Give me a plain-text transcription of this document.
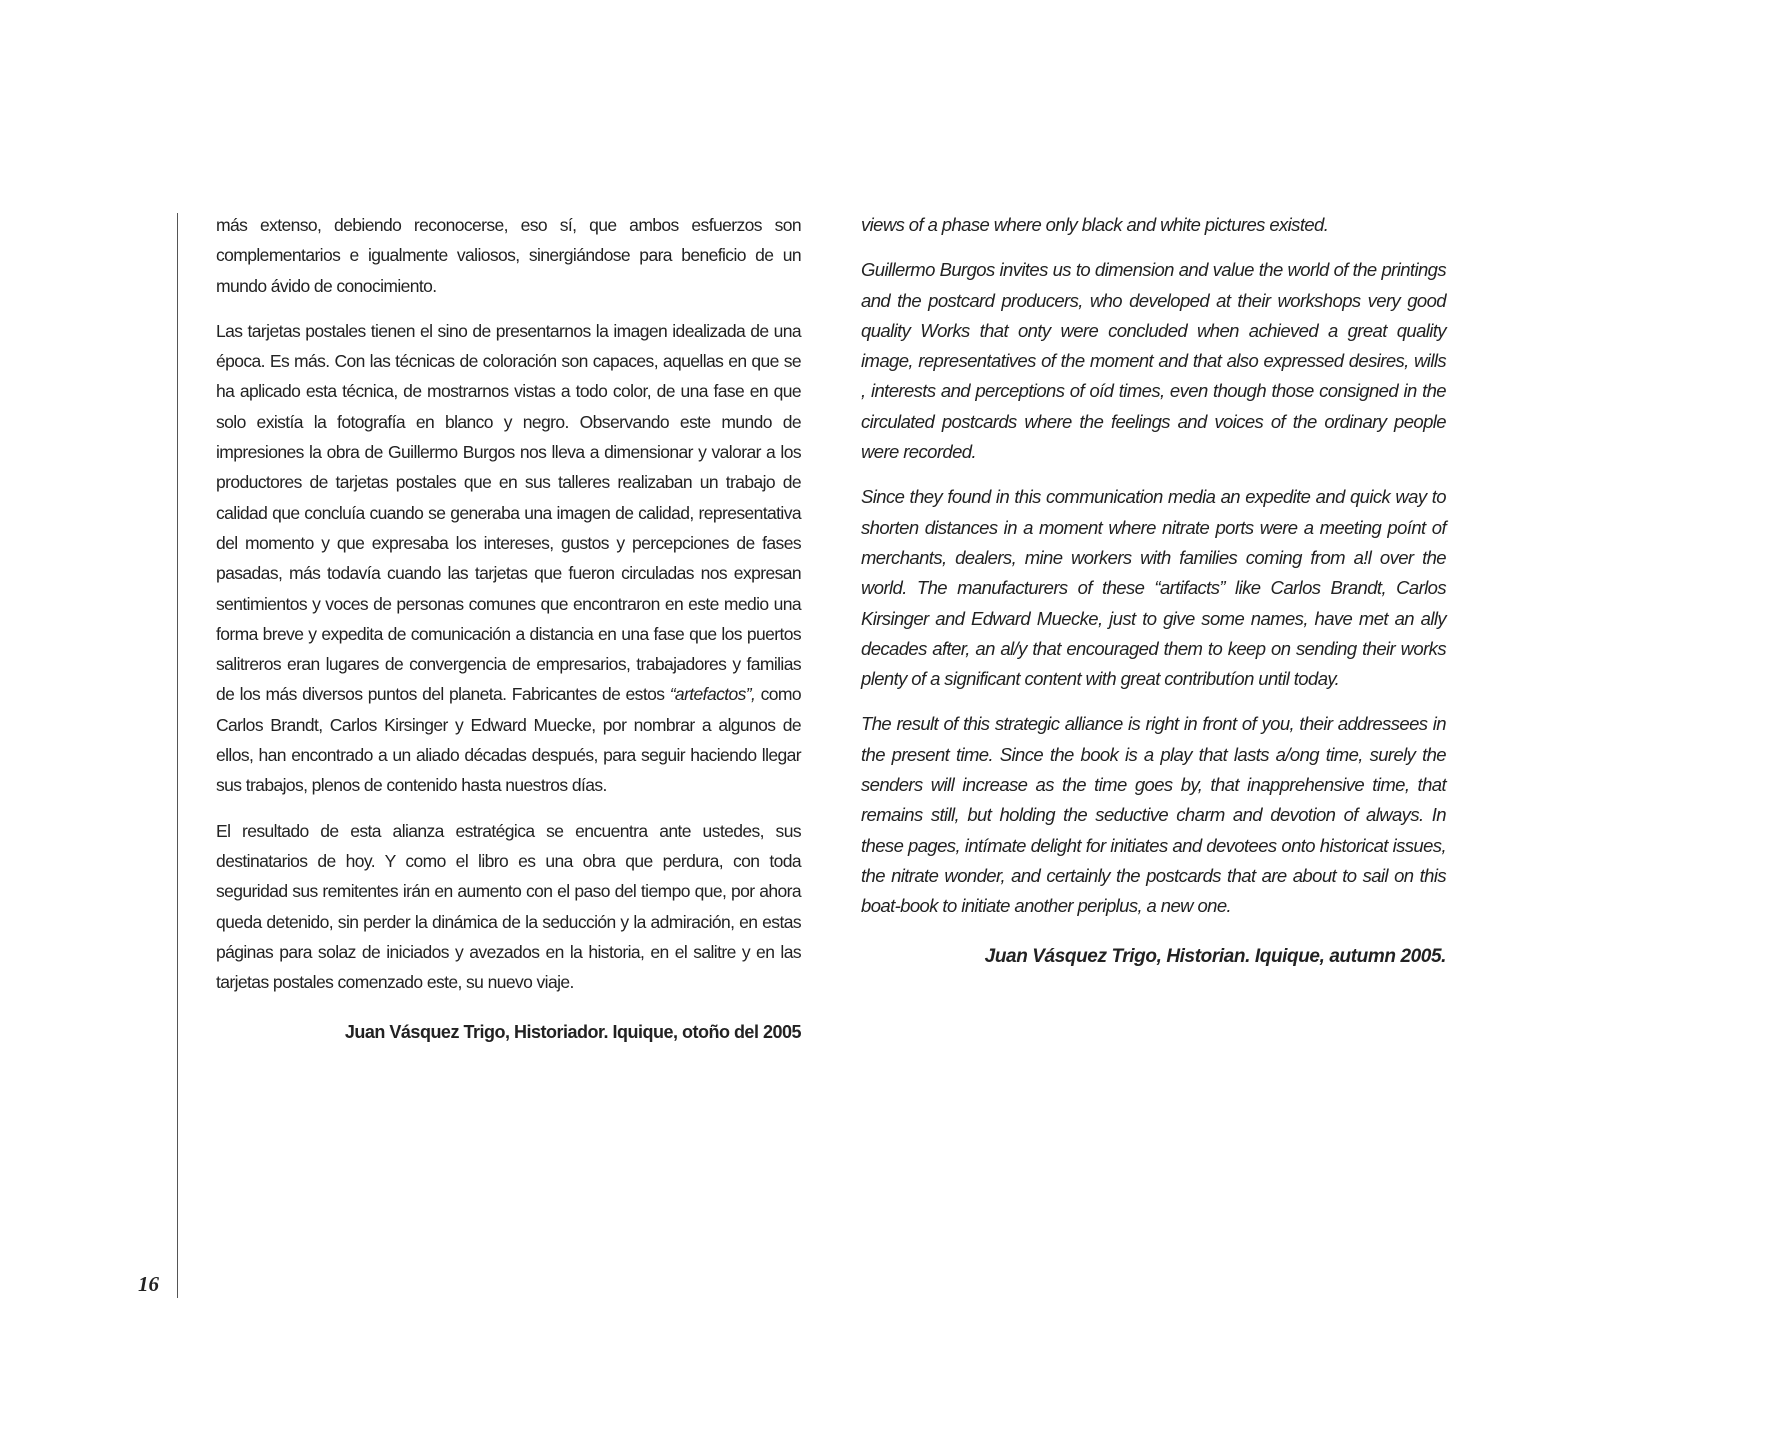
16

más extenso, debiendo reconocerse, eso sí, que ambos esfuerzos son complementarios e igualmente valiosos, sinergiándose para beneficio de un mundo ávido de conocimiento.

Las tarjetas postales tienen el sino de presentarnos la imagen idealizada de una época. Es más. Con las técnicas de coloración son capaces, aquellas en que se ha aplicado esta técnica, de mostrarnos vistas a todo color, de una fase en que solo existía la fotografía en blanco y negro. Observando este mundo de impresiones la obra de Guillermo Burgos nos lleva a dimensionar y valorar a los productores de tarjetas postales que en sus talleres realizaban un trabajo de calidad que concluía cuando se generaba una imagen de calidad, representativa del momento y que expresaba los intereses, gustos y percepciones de fases pasadas, más todavía cuando las tarjetas que fueron circuladas nos expresan sentimientos y voces de personas comunes que encontraron en este medio una forma breve y expedita de comunicación a distancia en una fase que los puertos salitreros eran lugares de convergencia de empresarios, trabajadores y familias de los más diversos puntos del planeta. Fabricantes de estos “artefactos”, como Carlos Brandt, Carlos Kirsinger y Edward Muecke, por nombrar a algunos de ellos, han encontrado a un aliado décadas después, para seguir haciendo llegar sus trabajos, plenos de contenido hasta nuestros días.

El resultado de esta alianza estratégica se encuentra ante ustedes, sus destinatarios de hoy. Y como el libro es una obra que perdura, con toda seguridad sus remitentes irán en aumento con el paso del tiempo que, por ahora queda detenido, sin perder la dinámica de la seducción y la admiración, en estas páginas para solaz de iniciados y avezados en la historia, en el salitre y en las tarjetas postales comenzado este, su nuevo viaje.

Juan Vásquez Trigo, Historiador. Iquique, otoño del 2005

views of a phase where only black and white pictures existed.

Guillermo Burgos invites us to dimension and value the world of the printings and the postcard producers, who developed at their workshops very good quality Works that onty were concluded when achieved a great quality image, representatives of the moment and that also expressed desires, wills , interests and perceptions of oíd times, even though those consigned in the circulated postcards where the feelings and voices of the ordinary people were recorded.

Since they found in this communication media an expedite and quick way to shorten distances in a moment where nitrate ports were a meeting poínt of merchants, dealers, mine workers with families coming from a!l over the world. The manufacturers of these “artifacts” like Carlos Brandt, Carlos Kirsinger and Edward Muecke, just to give some names, have met an ally decades after, an al/y that encouraged them to keep on sending their works plenty of a significant content with great contributíon until today.

The result of this strategic alliance is right in front of you, their addressees in the present time. Since the book is a play that lasts a/ong time, surely the senders will increase as the time goes by, that inapprehensive time, that remains still, but holding the seductive charm and devotion of always. In these pages, intímate delight for initiates and devotees onto historicat issues, the nitrate wonder, and certainly the postcards that are about to sail on this boat-book to initiate another periplus, a new one.

Juan Vásquez Trigo, Historian. Iquique, autumn 2005.
